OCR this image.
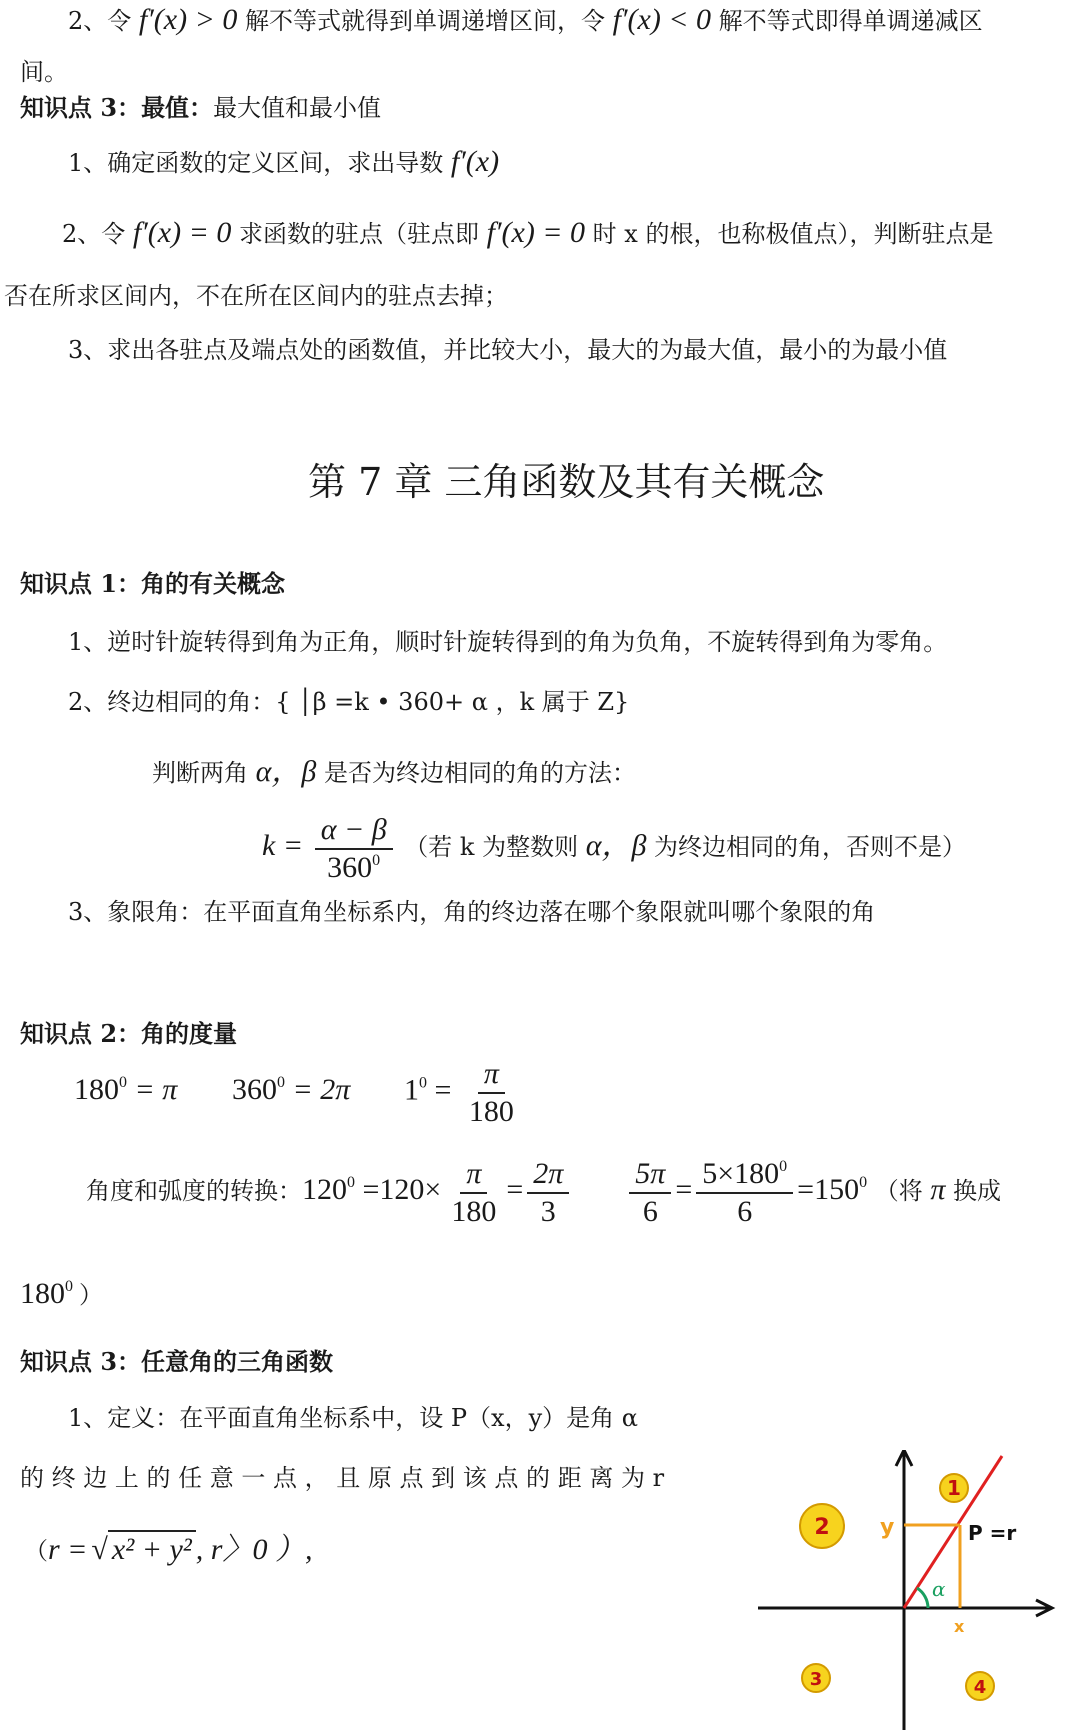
2、令 f′(x) > 0 解不等式就得到单调递增区间，令 f′(x) < 0 解不等式即得单调递减区
间。
知识点 3：最值：最大值和最小值
1、确定函数的定义区间，求出导数 f′(x)
2、令 f′(x) = 0 求函数的驻点（驻点即 f′(x) = 0 时 x 的根，也称极值点），判断驻点是
否在所求区间内，不在所在区间内的驻点去掉；
3、求出各驻点及端点处的函数值，并比较大小，最大的为最大值，最小的为最小值
第 7 章 三角函数及其有关概念
知识点 1：角的有关概念
1、逆时针旋转得到角为正角，顺时针旋转得到的角为负角，不旋转得到角为零角。
2、终边相同的角：{ │β =k • 360+ α ，k 属于 Z}
判断两角 α，β 是否为终边相同的角的方法：
$k = \frac{\alpha - \beta}{360^0}$ （若 k 为整数则 α，β 为终边相同的角，否则不是）
3、象限角：在平面直角坐标系内，角的终边落在哪个象限就叫哪个象限的角
知识点 2：角的度量
$180^0 = \pi$ $360^0 = 2\pi$ $1^0 = \frac{\pi}{180}$
角度和弧度的转换：$120^0 =120\times \frac{\pi}{180} = \frac{2\pi}{3} \frac{5\pi}{6} = \frac{5\times 180^0}{6} =150^0$ （将 π 换成
$180^0$ ）
知识点 3：任意角的三角函数
1、定义：在平面直角坐标系中，设 P（x，y）是角 α
的 终 边 上 的 任 意 一 点 ， 且 原 点 到 该 点 的 距 离 为 r
（r = √ x² + y² , r〉0 ）,
α
y
x
P =r
1
2
3	4
